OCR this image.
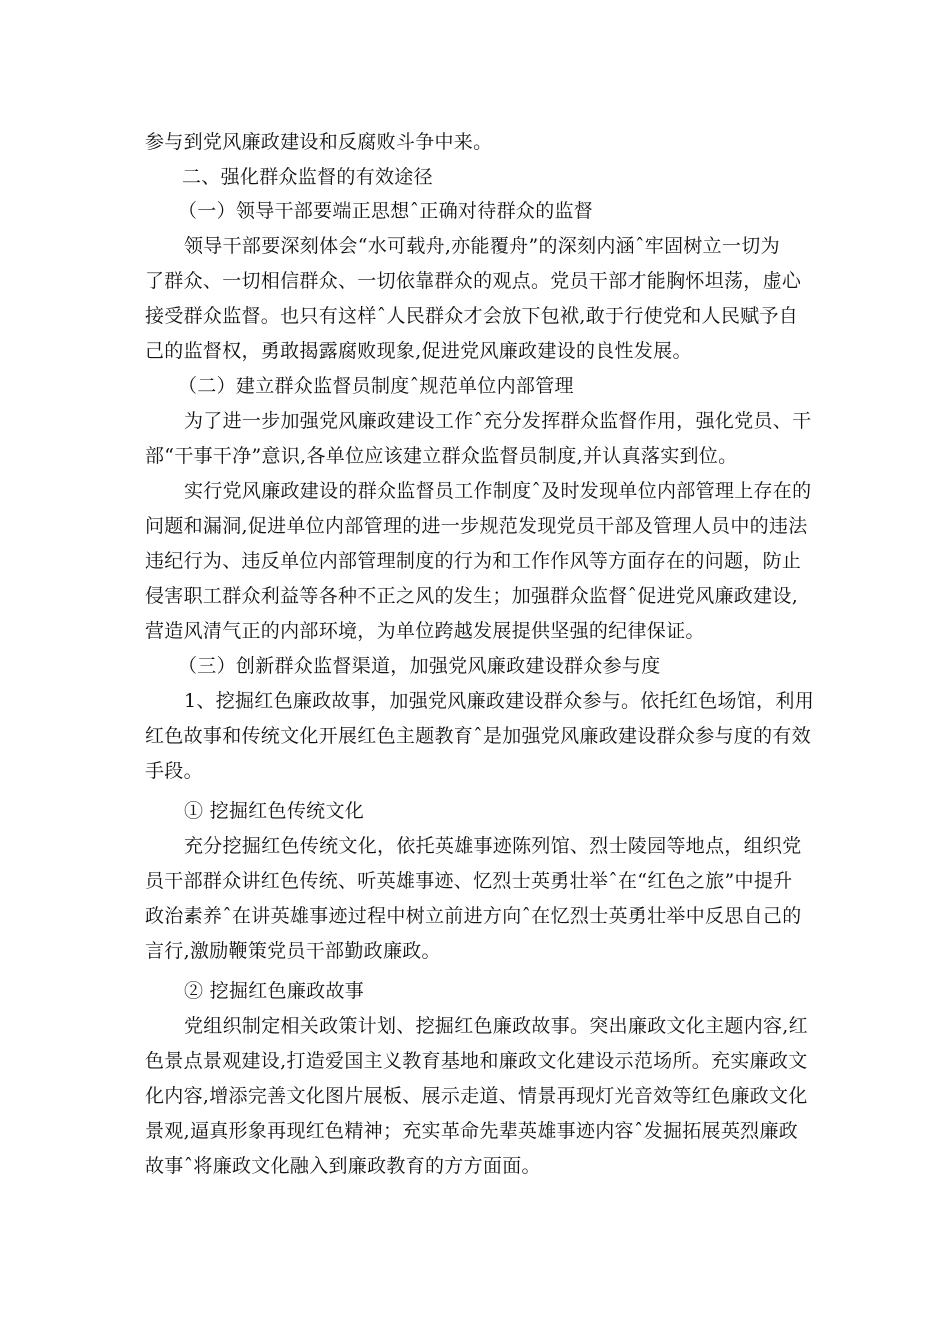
参与到党风廉政建设和反腐败斗争中来。
二、强化群众监督的有效途径
（一）领导干部要端正思想ˆ正确对待群众的监督
领导干部要深刻体会“水可载舟,亦能覆舟”的深刻内涵ˆ牢固树立一切为
了群众、一切相信群众、一切依靠群众的观点。党员干部才能胸怀坦荡，虚心
接受群众监督。也只有这样ˆ人民群众才会放下包袱,敢于行使党和人民赋予自
己的监督权，勇敢揭露腐败现象,促进党风廉政建设的良性发展。
（二）建立群众监督员制度ˆ规范单位内部管理
为了进一步加强党风廉政建设工作ˆ充分发挥群众监督作用，强化党员、干
部“干事干净”意识,各单位应该建立群众监督员制度,并认真落实到位。
实行党风廉政建设的群众监督员工作制度ˆ及时发现单位内部管理上存在的
问题和漏洞,促进单位内部管理的进一步规范发现党员干部及管理人员中的违法
违纪行为、违反单位内部管理制度的行为和工作作风等方面存在的问题，防止
侵害职工群众利益等各种不正之风的发生；加强群众监督ˆ促进党风廉政建设,
营造风清气正的内部环境，为单位跨越发展提供坚强的纪律保证。
（三）创新群众监督渠道，加强党风廉政建设群众参与度
1、挖掘红色廉政故事，加强党风廉政建设群众参与。依托红色场馆，利用
红色故事和传统文化开展红色主题教育ˆ是加强党风廉政建设群众参与度的有效
手段。
① 挖掘红色传统文化
充分挖掘红色传统文化，依托英雄事迹陈列馆、烈士陵园等地点，组织党
员干部群众讲红色传统、听英雄事迹、忆烈士英勇壮举ˆ在“红色之旅”中提升
政治素养ˆ在讲英雄事迹过程中树立前进方向ˆ在忆烈士英勇壮举中反思自己的
言行,激励鞭策党员干部勤政廉政。
② 挖掘红色廉政故事
党组织制定相关政策计划、挖掘红色廉政故事。突出廉政文化主题内容,红
色景点景观建设,打造爱国主义教育基地和廉政文化建设示范场所。充实廉政文
化内容,增添完善文化图片展板、展示走道、情景再现灯光音效等红色廉政文化
景观,逼真形象再现红色精神；充实革命先辈英雄事迹内容ˆ发掘拓展英烈廉政
故事ˆ将廉政文化融入到廉政教育的方方面面。
